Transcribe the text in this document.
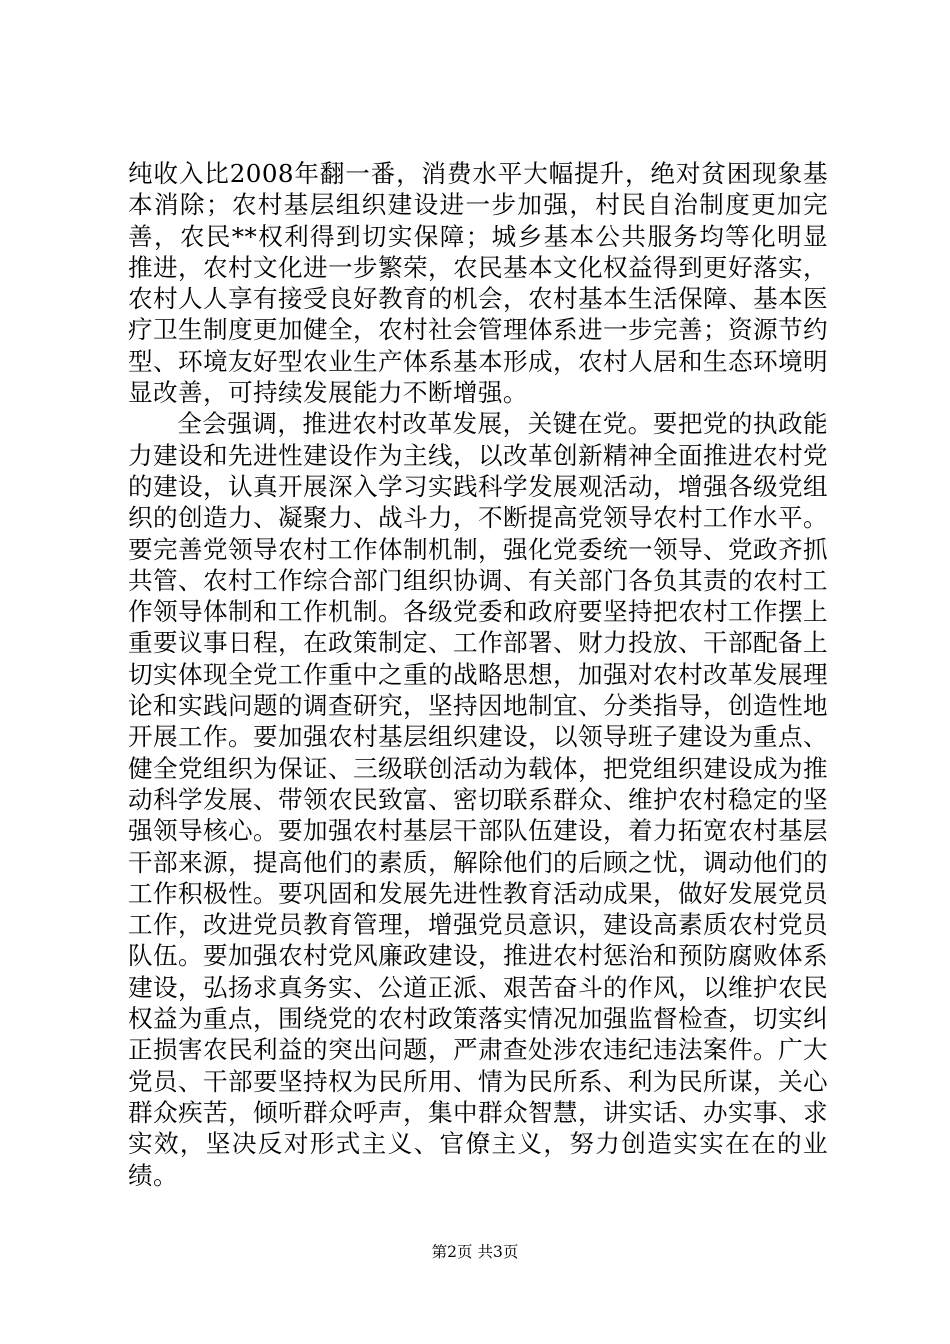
纯收入比2008年翻一番，消费水平大幅提升，绝对贫困现象基本消除；农村基层组织建设进一步加强，村民自治制度更加完善，农民**权利得到切实保障；城乡基本公共服务均等化明显推进，农村文化进一步繁荣，农民基本文化权益得到更好落实，农村人人享有接受良好教育的机会，农村基本生活保障、基本医疗卫生制度更加健全，农村社会管理体系进一步完善；资源节约型、环境友好型农业生产体系基本形成，农村人居和生态环境明显改善，可持续发展能力不断增强。

全会强调，推进农村改革发展，关键在党。要把党的执政能力建设和先进性建设作为主线，以改革创新精神全面推进农村党的建设，认真开展深入学习实践科学发展观活动，增强各级党组织的创造力、凝聚力、战斗力，不断提高党领导农村工作水平。要完善党领导农村工作体制机制，强化党委统一领导、党政齐抓共管、农村工作综合部门组织协调、有关部门各负其责的农村工作领导体制和工作机制。各级党委和政府要坚持把农村工作摆上重要议事日程，在政策制定、工作部署、财力投放、干部配备上切实体现全党工作重中之重的战略思想，加强对农村改革发展理论和实践问题的调查研究，坚持因地制宜、分类指导，创造性地开展工作。要加强农村基层组织建设，以领导班子建设为重点、健全党组织为保证、三级联创活动为载体，把党组织建设成为推动科学发展、带领农民致富、密切联系群众、维护农村稳定的坚强领导核心。要加强农村基层干部队伍建设，着力拓宽农村基层干部来源，提高他们的素质，解除他们的后顾之忧，调动他们的工作积极性。要巩固和发展先进性教育活动成果，做好发展党员工作，改进党员教育管理，增强党员意识，建设高素质农村党员队伍。要加强农村党风廉政建设，推进农村惩治和预防腐败体系建设，弘扬求真务实、公道正派、艰苦奋斗的作风，以维护农民权益为重点，围绕党的农村政策落实情况加强监督检查，切实纠正损害农民利益的突出问题，严肃查处涉农违纪违法案件。广大党员、干部要坚持权为民所用、情为民所系、利为民所谋，关心群众疾苦，倾听群众呼声，集中群众智慧，讲实话、办实事、求实效，坚决反对形式主义、官僚主义，努力创造实实在在的业绩。

第2页 共3页
